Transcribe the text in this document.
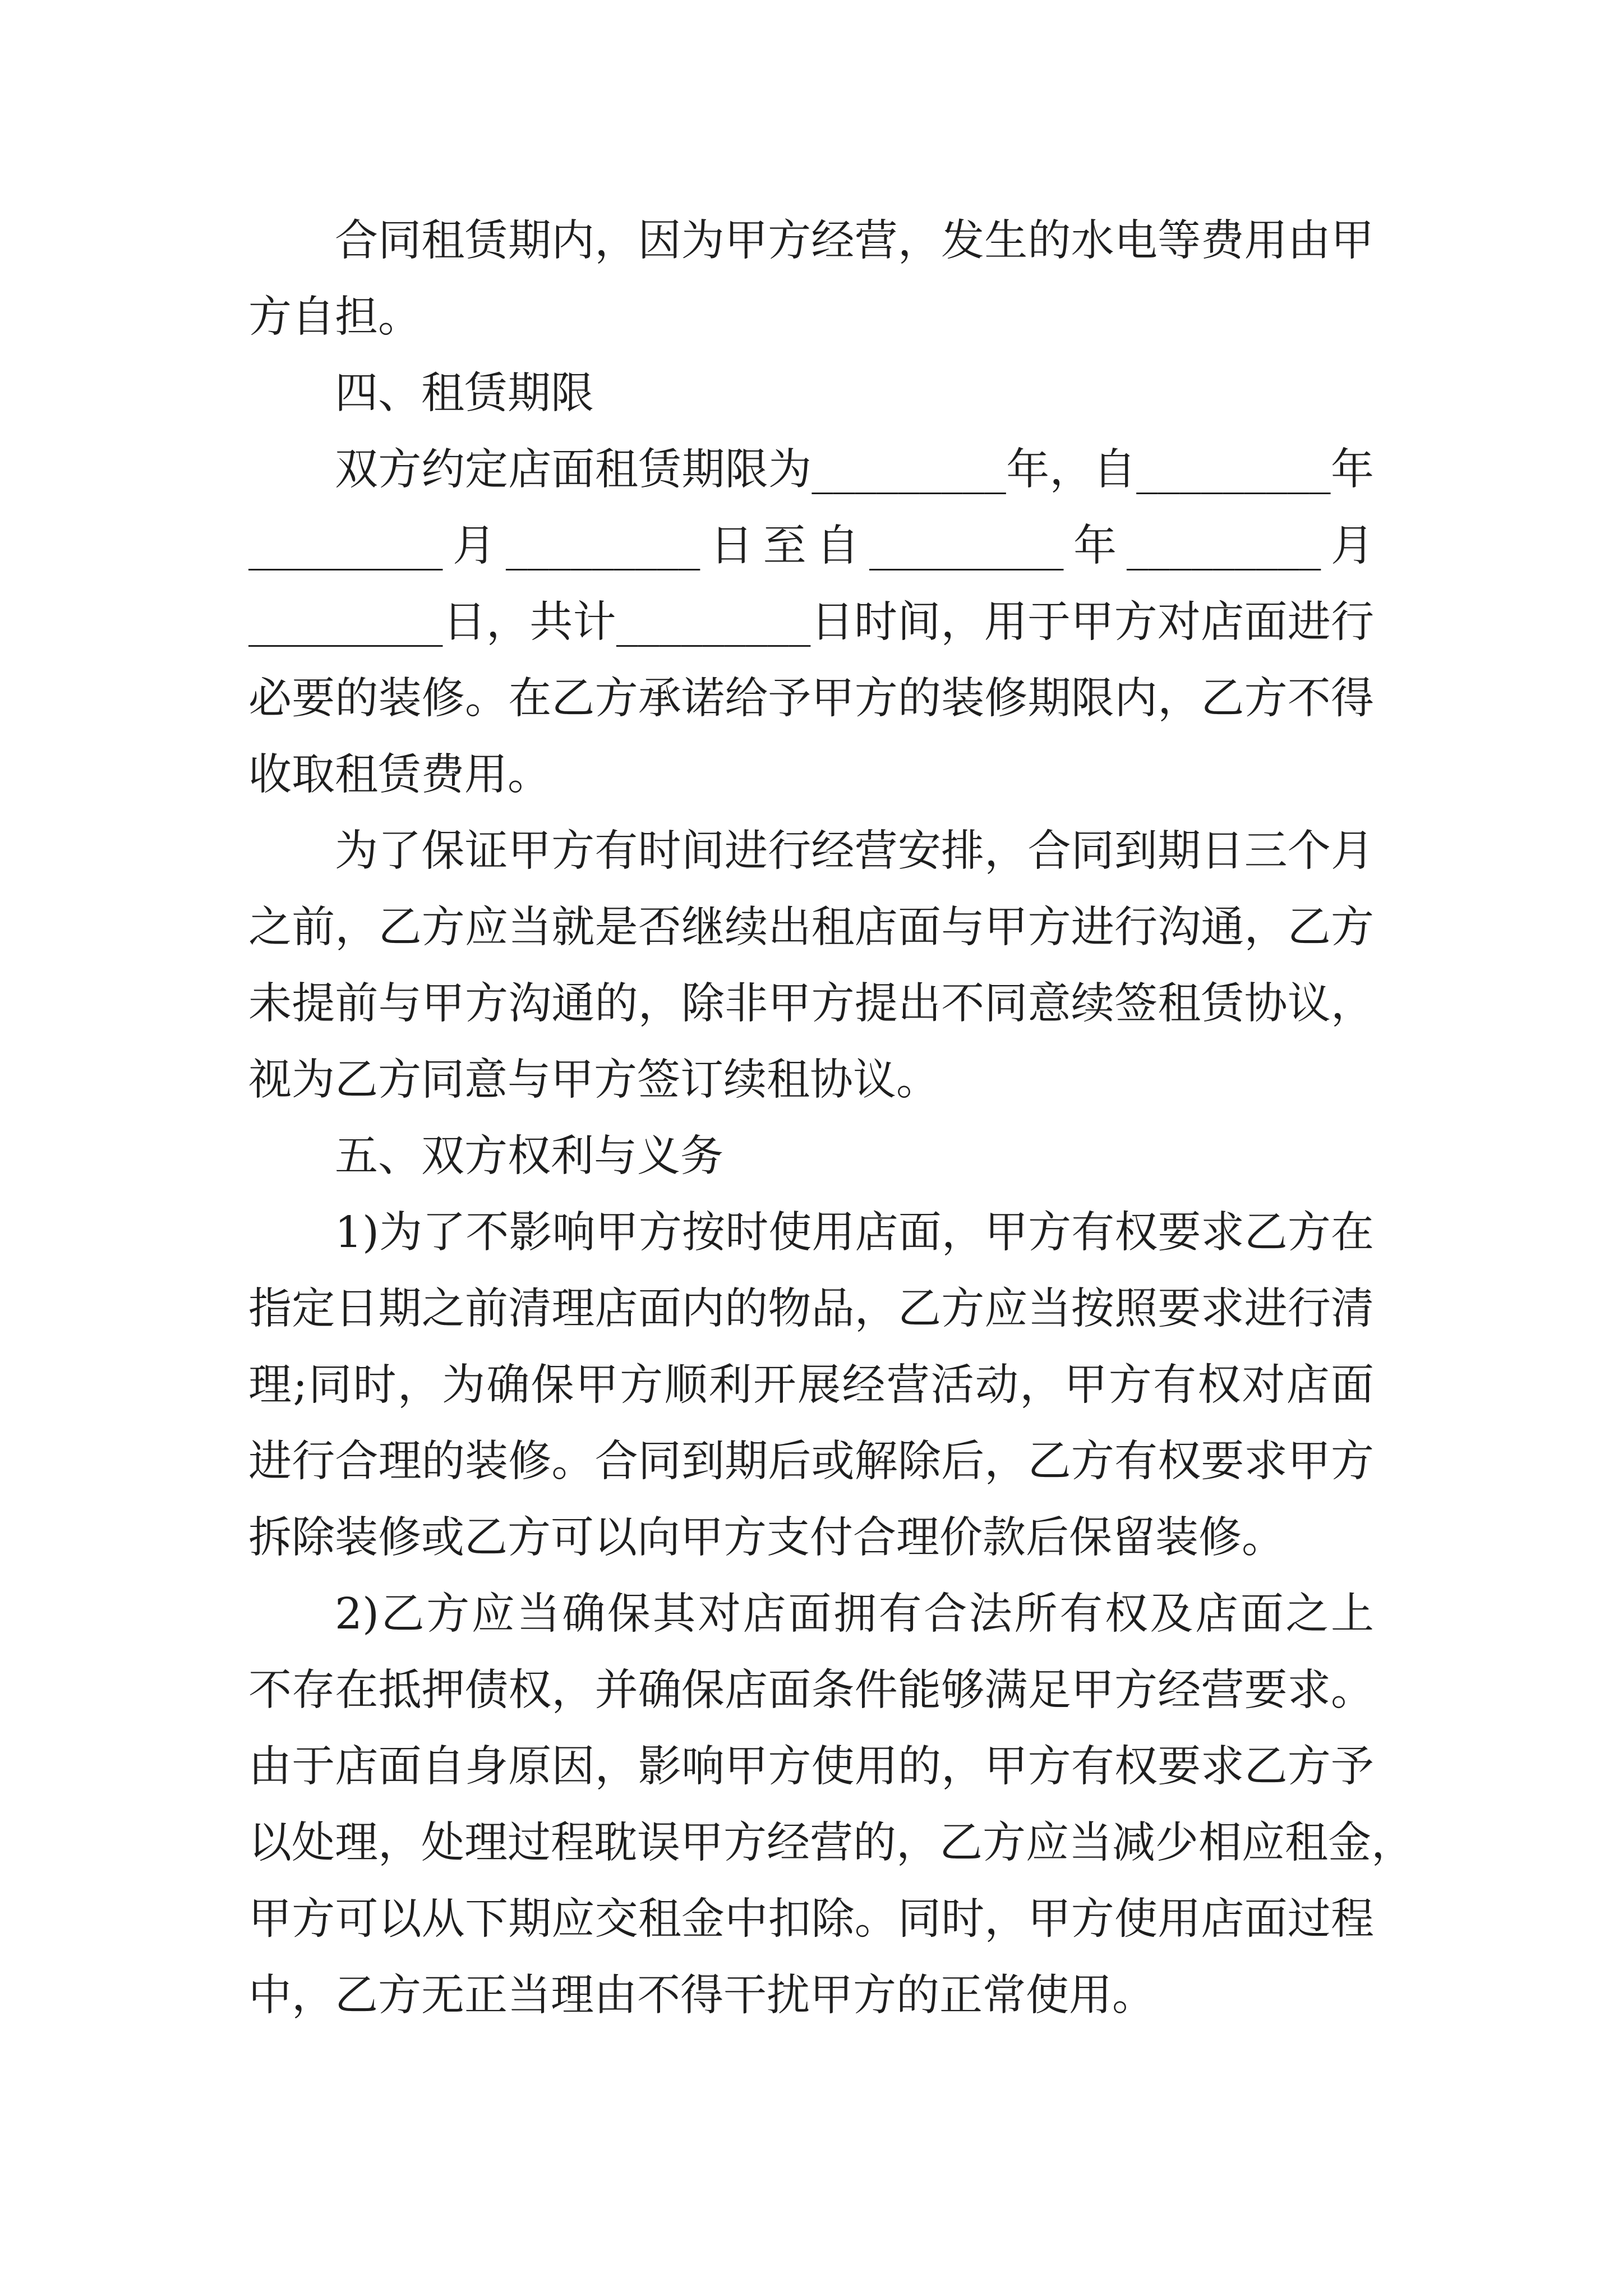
合同租赁期内，因为甲方经营，发生的水电等费用由甲
方自担。
四、租赁期限
双方约定店面租赁期限为_________年，自_________年
_________月_________日至自_________年_________月
_________日，共计_________日时间，用于甲方对店面进行
必要的装修。在乙方承诺给予甲方的装修期限内，乙方不得
收取租赁费用。
为了保证甲方有时间进行经营安排，合同到期日三个月
之前，乙方应当就是否继续出租店面与甲方进行沟通，乙方
未提前与甲方沟通的，除非甲方提出不同意续签租赁协议，
视为乙方同意与甲方签订续租协议。
五、双方权利与义务
1)为了不影响甲方按时使用店面，甲方有权要求乙方在
指定日期之前清理店面内的物品，乙方应当按照要求进行清
理;同时，为确保甲方顺利开展经营活动，甲方有权对店面
进行合理的装修。合同到期后或解除后，乙方有权要求甲方
拆除装修或乙方可以向甲方支付合理价款后保留装修。
2)乙方应当确保其对店面拥有合法所有权及店面之上
不存在抵押债权，并确保店面条件能够满足甲方经营要求。
由于店面自身原因，影响甲方使用的，甲方有权要求乙方予
以处理，处理过程耽误甲方经营的，乙方应当减少相应租金，
甲方可以从下期应交租金中扣除。同时，甲方使用店面过程
中，乙方无正当理由不得干扰甲方的正常使用。
